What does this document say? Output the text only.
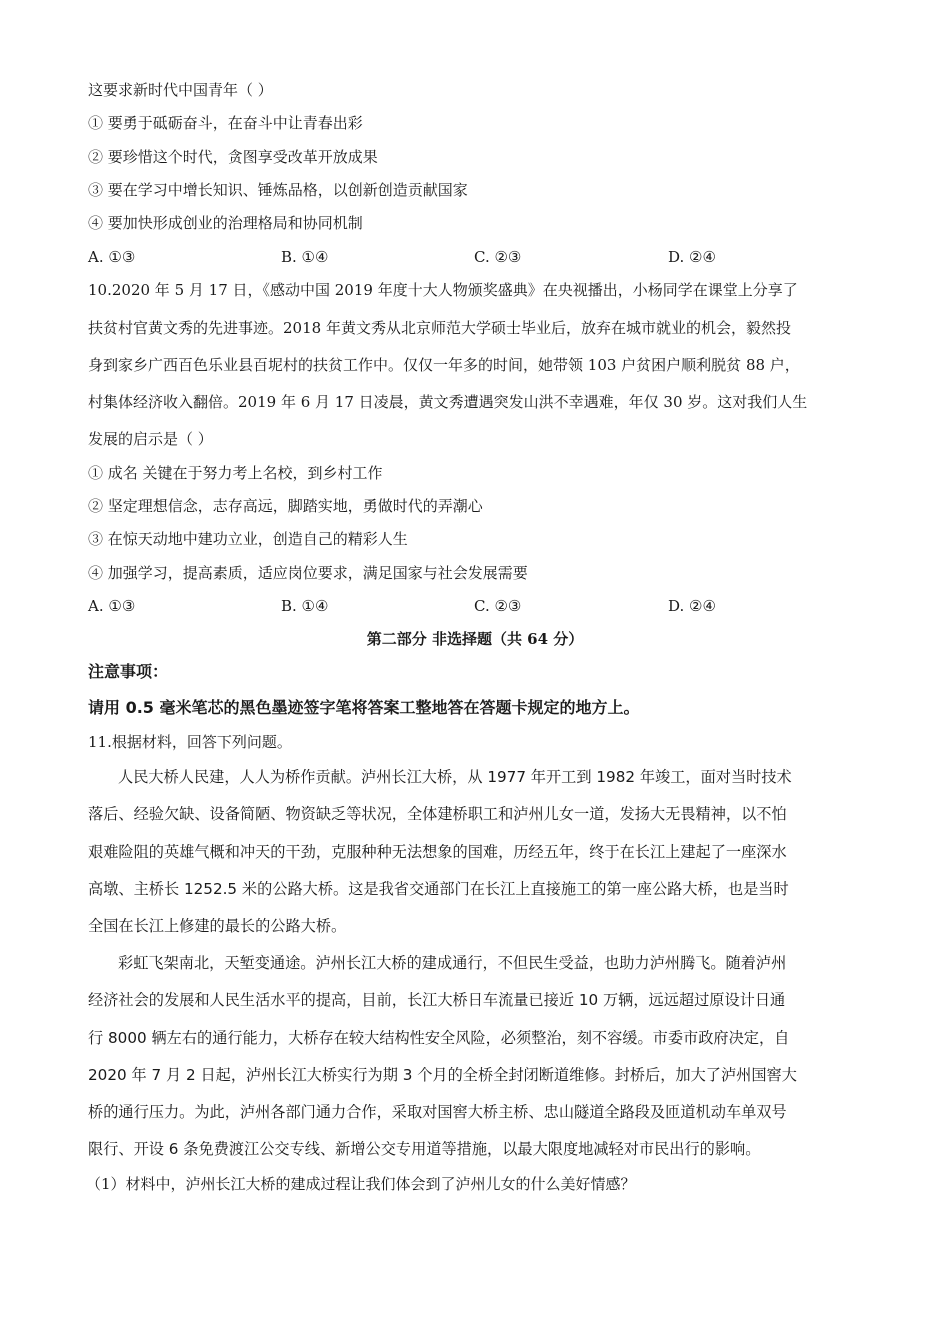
这要求新时代中国青年（ ）
① 要勇于砥砺奋斗，在奋斗中让青春出彩
② 要珍惜这个时代，贪图享受改革开放成果
③ 要在学习中增长知识、锤炼品格，以创新创造贡献国家
④ 要加快形成创业的治理格局和协同机制
A. ①③	B. ①④	C. ②③	D. ②④
10.2020 年 5 月 17 日，《感动中国 2019 年度十大人物颁奖盛典》在央视播出，小杨同学在课堂上分享了
扶贫村官黄文秀的先进事迹。2018 年黄文秀从北京师范大学硕士毕业后，放弃在城市就业的机会，毅然投
身到家乡广西百色乐业县百坭村的扶贫工作中。仅仅一年多的时间，她带领 103 户贫困户顺利脱贫 88 户，
村集体经济收入翻倍。2019 年 6 月 17 日凌晨，黄文秀遭遇突发山洪不幸遇难，年仅 30 岁。这对我们人生
发展的启示是（ ）
① 成名 关键在于努力考上名校，到乡村工作
② 坚定理想信念，志存高远，脚踏实地，勇做时代的弄潮心
③ 在惊天动地中建功立业，创造自己的精彩人生
④ 加强学习，提高素质，适应岗位要求，满足国家与社会发展需要
A. ①③	B. ①④	C. ②③	D. ②④
第二部分 非选择题（共 64 分）
注意事项：
请用 0.5 毫米笔芯的黑色墨迹签字笔将答案工整地答在答题卡规定的地方上。
11.根据材料，回答下列问题。
人民大桥人民建，人人为桥作贡献。泸州长江大桥，从 1977 年开工到 1982 年竣工，面对当时技术
落后、经验欠缺、设备简陋、物资缺乏等状况，全体建桥职工和泸州儿女一道，发扬大无畏精神，以不怕
艰难险阻的英雄气概和冲天的干劲，克服种种无法想象的国难，历经五年，终于在长江上建起了一座深水
高墩、主桥长 1252.5 米的公路大桥。这是我省交通部门在长江上直接施工的第一座公路大桥，也是当时
全国在长江上修建的最长的公路大桥。
彩虹飞架南北，天堑变通途。泸州长江大桥的建成通行，不但民生受益，也助力泸州腾飞。随着泸州
经济社会的发展和人民生活水平的提高，目前，长江大桥日车流量已接近 10 万辆，远远超过原设计日通
行 8000 辆左右的通行能力，大桥存在较大结构性安全风险，必须整治，刻不容缓。市委市政府决定，自
2020 年 7 月 2 日起，泸州长江大桥实行为期 3 个月的全桥全封闭断道维修。封桥后，加大了泸州国窖大
桥的通行压力。为此，泸州各部门通力合作，采取对国窖大桥主桥、忠山隧道全路段及匝道机动车单双号
限行、开设 6 条免费渡江公交专线、新增公交专用道等措施，以最大限度地减轻对市民出行的影响。
（1）材料中，泸州长江大桥的建成过程让我们体会到了泸州儿女的什么美好情感？
